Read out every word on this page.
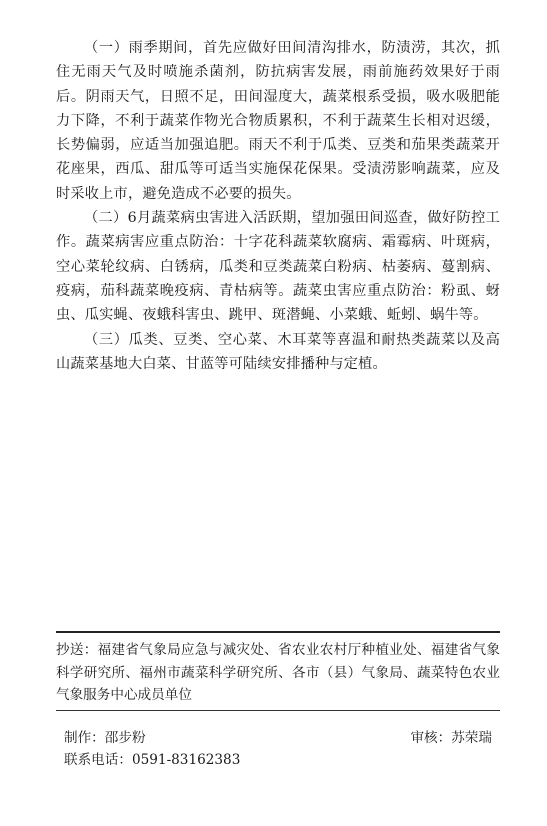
（一）雨季期间，首先应做好田间清沟排水，防渍涝，其次，抓住无雨天气及时喷施杀菌剂，防抗病害发展，雨前施药效果好于雨后。阴雨天气，日照不足，田间湿度大，蔬菜根系受损，吸水吸肥能力下降，不利于蔬菜作物光合物质累积，不利于蔬菜生长相对迟缓，长势偏弱，应适当加强追肥。雨天不利于瓜类、豆类和茄果类蔬菜开花座果，西瓜、甜瓜等可适当实施保花保果。受渍涝影响蔬菜，应及时采收上市，避免造成不必要的损失。

（二）6月蔬菜病虫害进入活跃期，望加强田间巡查，做好防控工作。蔬菜病害应重点防治：十字花科蔬菜软腐病、霜霉病、叶斑病，空心菜轮纹病、白锈病，瓜类和豆类蔬菜白粉病、枯萎病、蔓割病、疫病，茄科蔬菜晚疫病、青枯病等。蔬菜虫害应重点防治：粉虱、蚜虫、瓜实蝇、夜蛾科害虫、跳甲、斑潜蝇、小菜蛾、蚯蚓、蜗牛等。

（三）瓜类、豆类、空心菜、木耳菜等喜温和耐热类蔬菜以及高山蔬菜基地大白菜、甘蓝等可陆续安排播种与定植。

抄送：福建省气象局应急与减灾处、省农业农村厅种植业处、福建省气象科学研究所、福州市蔬菜科学研究所、各市（县）气象局、蔬菜特色农业气象服务中心成员单位
制作：邵步粉	审核：苏荣瑞
联系电话：0591-83162383
